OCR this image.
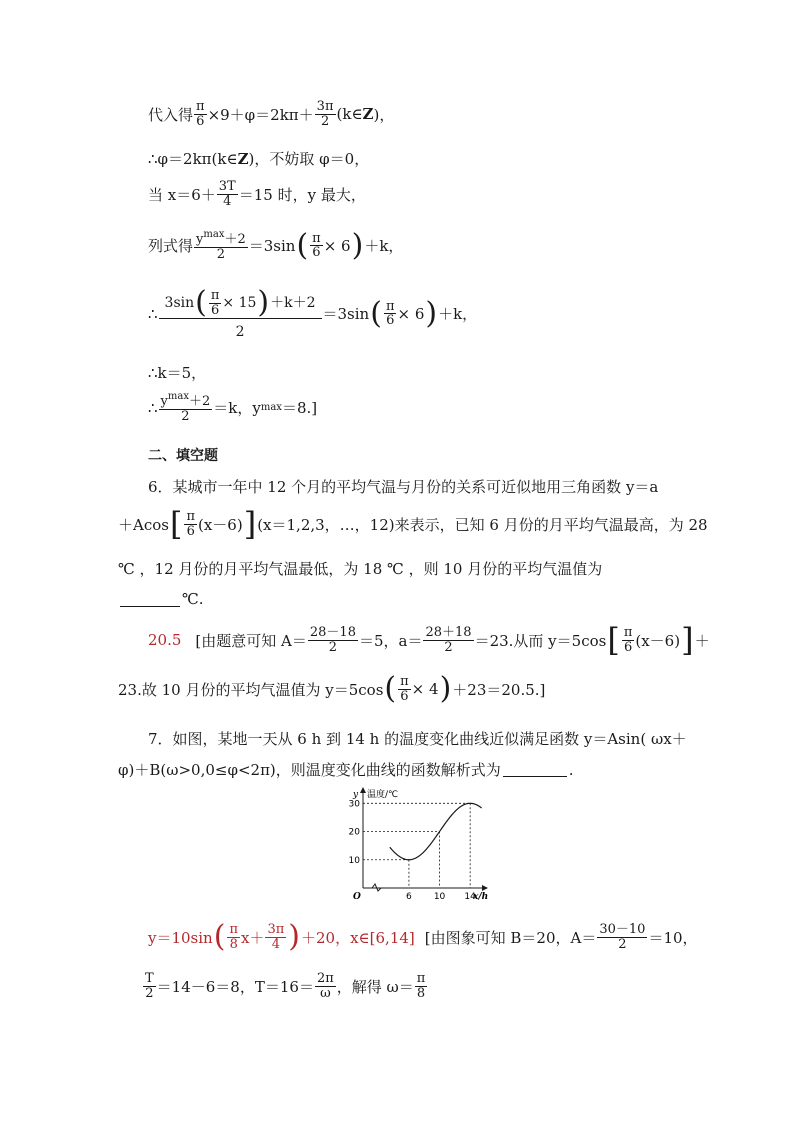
代入得 $\frac{\pi}{6} \times 9+\varphi=2k\pi+ \frac{3\pi}{2}$ (k∈ Z )，
∴φ＝2kπ(k∈ Z )，不妨取 φ＝0，
当 $x=6+ \frac{3T}{4} =15$ 时，y 最大，
列式得 $\frac{y^{max}+2}{2} =3\sin$ ( $\frac{\pi}{6} \times 6$ ) ＋k，
∴ $\frac{3\sin ( \frac{\pi}{6} \times 15 ) +k+2}{2} =3\sin$ ( $\frac{\pi}{6} \times 6$ ) ＋k，
∴k＝5，
∴ $\frac{y^{max}+2}{2} =k$，y max ＝8.]
二、填空题
6．某城市一年中 12 个月的平均气温与月份的关系可近似地用三角函数 y＝a
＋Acos [ $\frac{\pi}{6} (x-6)$ ] (x＝1,2,3，…，12)来表示，已知 6 月份的月平均气温最高，为 28
℃ ，12 月份的月平均气温最低，为 18 ℃ ，则 10 月份的平均气温值为
℃.
20.5 [由题意可知 $A= \frac{28-18}{2} =5$，$a= \frac{28+18}{2} =23$.从而 y＝5cos [ $\frac{\pi}{6} (x-6)$ ] ＋
23.故 10 月份的平均气温值为 y＝5cos ( $\frac{\pi}{6} \times 4$ ) ＋23＝20.5.]
7．如图，某地一天从 6 h 到 14 h 的温度变化曲线近似满足函数 y＝Asin( ωx＋
φ)＋B(ω>0,0≤φ<2π)，则温度变化曲线的函数解析式为	.
6 10 14
10
20
30
y 温度/℃
x/h
O
y＝10sin ( $\frac{\pi}{8} x+ \frac{3\pi}{4}$ ) ＋20，x∈[6,14] [由图象可知 B＝20，$A= \frac{30-10}{2} =10$，
$\frac{T}{2} =14-6=8$，$T=16= \frac{2\pi}{\omega}$ ，解得 $\omega= \frac{\pi}{8}$
